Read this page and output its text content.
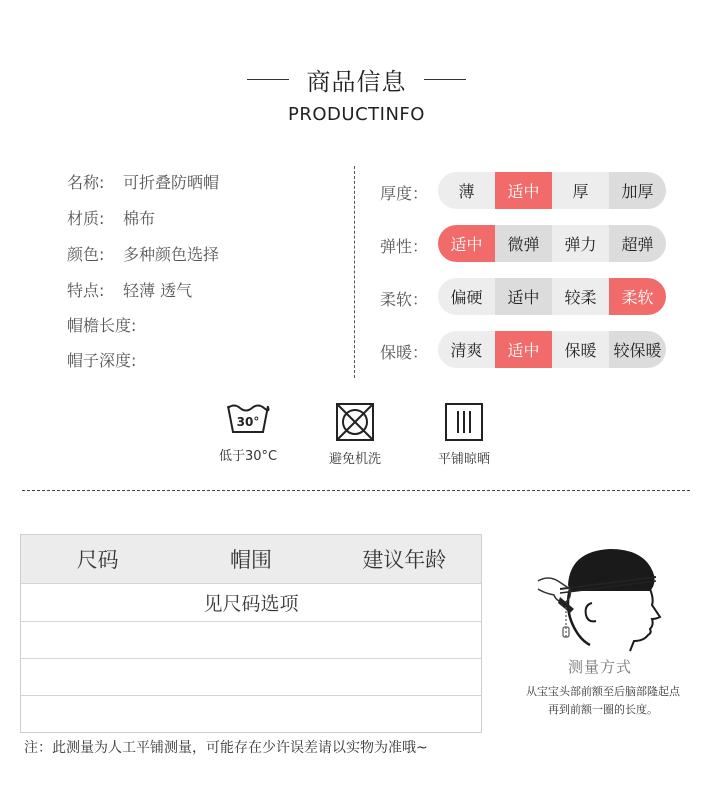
商品信息
PRODUCTINFO
名称: 可折叠防晒帽
材质: 棉布
颜色: 多种颜色选择
特点: 轻薄 透气
帽檐长度:
帽子深度:
厚度：	薄	适中	厚	加厚
弹性：	适中	微弹	弹力	超弹
柔软：	偏硬	适中	较柔	柔软
保暖：	清爽	适中	保暖	较保暖
30°
低于30°C	避免机洗	平铺晾晒
尺码	帽围	建议年龄
见尺码选项
测量方式
从宝宝头部前额至后脑部隆起点
再到前额一圈的长度。
注：此测量为人工平铺测量，可能存在少许误差请以实物为准哦~
